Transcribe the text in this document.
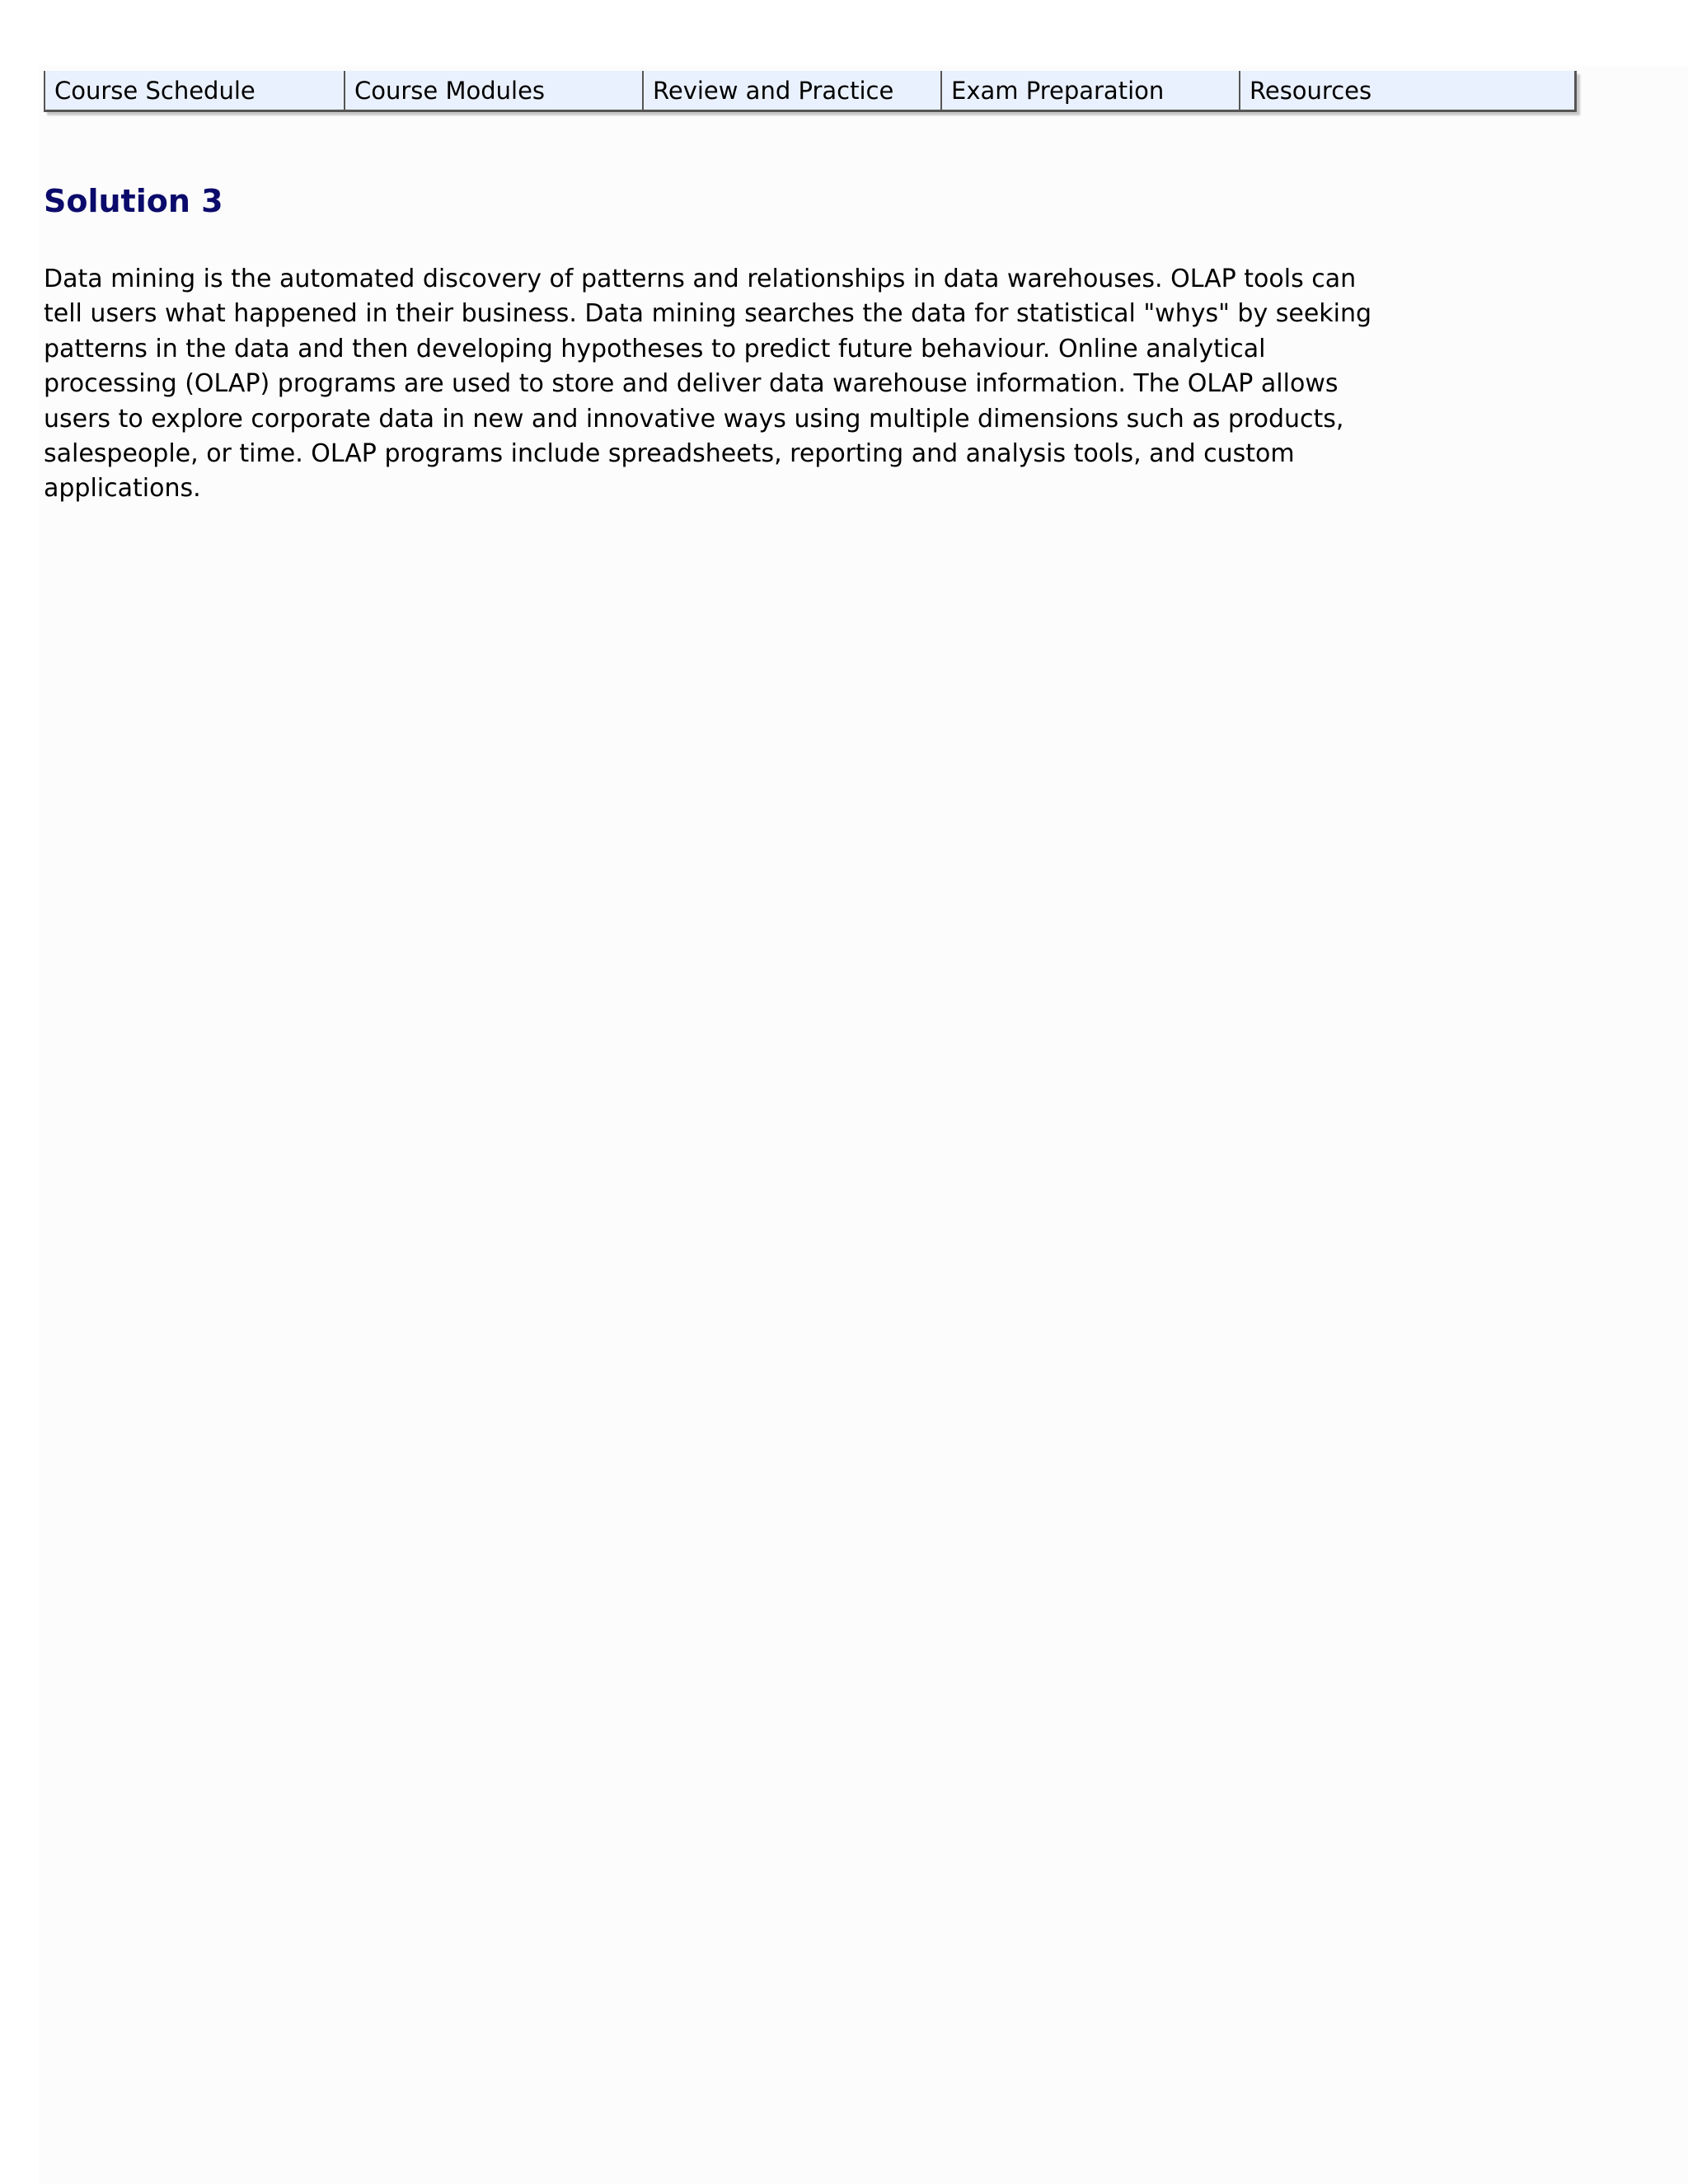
Course Schedule	Course Modules	Review and Practice	Exam Preparation	Resources
Solution 3

Data mining is the automated discovery of patterns and relationships in data warehouses. OLAP tools can tell users what happened in their business. Data mining searches the data for statistical "whys" by seeking patterns in the data and then developing hypotheses to predict future behaviour. Online analytical processing (OLAP) programs are used to store and deliver data warehouse information. The OLAP allows users to explore corporate data in new and innovative ways using multiple dimensions such as products, salespeople, or time. OLAP programs include spreadsheets, reporting and analysis tools, and custom applications.
